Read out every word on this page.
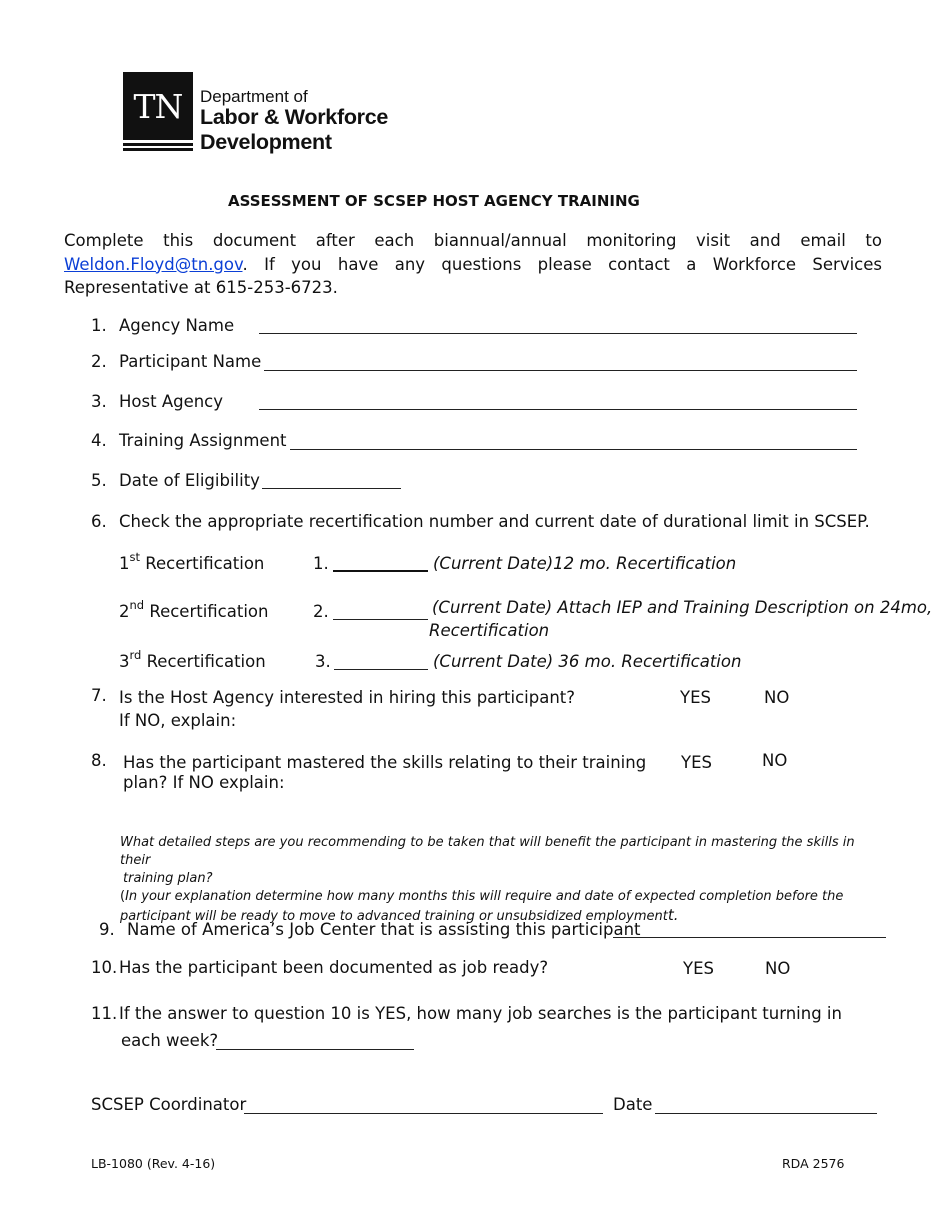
TN	Department of
Labor & Workforce
Development
ASSESSMENT OF SCSEP HOST AGENCY TRAINING
Complete this document after each biannual/annual monitoring visit and email to Weldon.Floyd@tn.gov. If you have any questions please contact a Workforce Services Representative at 615-253-6723.
1. Agency Name
2. Participant Name
3. Host Agency
4. Training Assignment
5. Date of Eligibility
6. Check the appropriate recertification number and current date of durational limit in SCSEP.
1st Recertification	1.	(Current Date)12 mo. Recertification
2nd Recertification	2.	(Current Date) Attach IEP and Training Description on 24mo,
Recertification
3rd Recertification	3.	(Current Date) 36 mo. Recertification
7. Is the Host Agency interested in hiring this participant?
If NO, explain:
YES	NO
8. Has the participant mastered the skills relating to their training
plan? If NO explain:
YES	NO
What detailed steps are you recommending to be taken that will benefit the participant in mastering the skills in their
training plan?
(In your explanation determine how many months this will require and date of expected completion before the
participant will be ready to move to advanced training or unsubsidized employmentt.
9. Name of America’s Job Center that is assisting this participant
10. Has the participant been documented as job ready?	YES	NO
11. If the answer to question 10 is YES, how many job searches is the participant turning in
each week?
SCSEP Coordinator	Date
LB-1080 (Rev. 4-16)	RDA 2576
